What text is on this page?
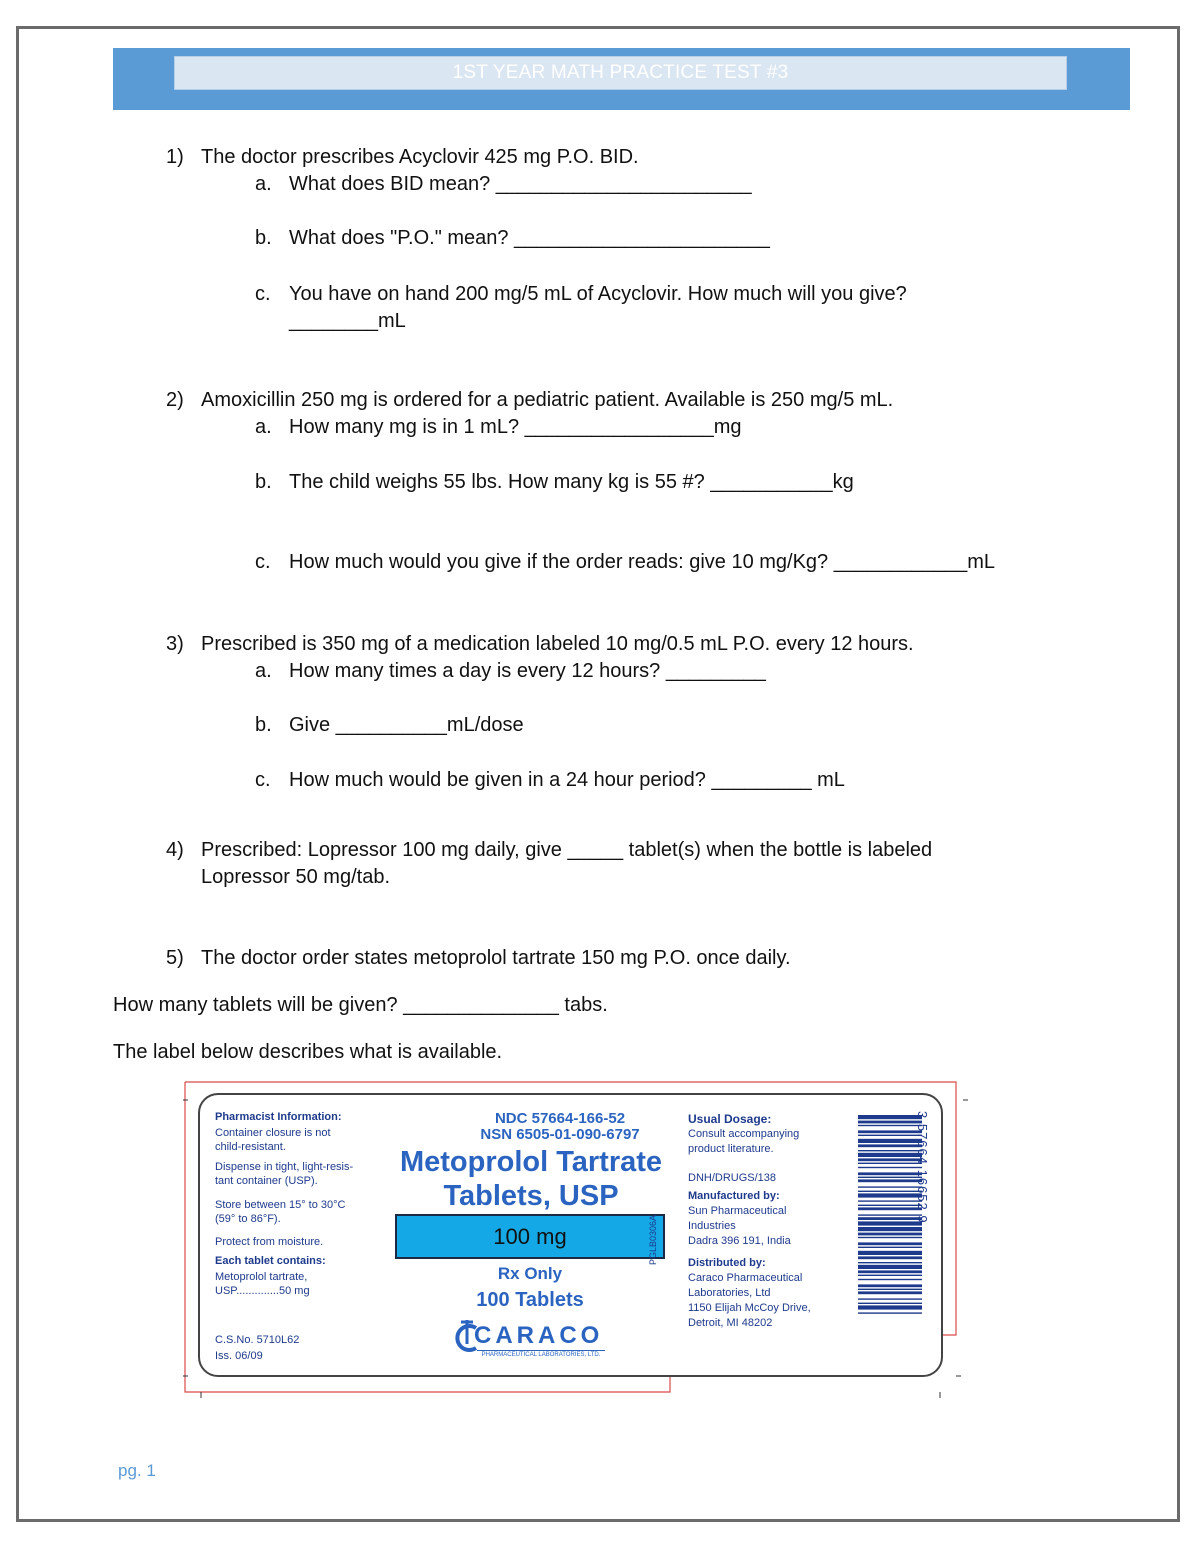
1ST YEAR MATH PRACTICE TEST #3
1) The doctor prescribes Acyclovir 425 mg P.O. BID.
a. What does BID mean? _______________________
b. What does "P.O." mean? _______________________
c. You have on hand 200 mg/5 mL of Acyclovir. How much will you give?
________mL
2) Amoxicillin 250 mg is ordered for a pediatric patient. Available is 250 mg/5 mL.
a. How many mg is in 1 mL? _________________mg
b. The child weighs 55 lbs. How many kg is 55 #? ___________kg
c. How much would you give if the order reads: give 10 mg/Kg? ____________mL
3) Prescribed is 350 mg of a medication labeled 10 mg/0.5 mL P.O. every 12 hours.
a. How many times a day is every 12 hours? _________
b. Give __________mL/dose
c. How much would be given in a 24 hour period? _________ mL
4) Prescribed: Lopressor 100 mg daily, give _____ tablet(s) when the bottle is labeled
Lopressor 50 mg/tab.
5) The doctor order states metoprolol tartrate 150 mg P.O. once daily.
How many tablets will be given? ______________ tabs.
The label below describes what is available.
Pharmacist Information:
Container closure is not
child-resistant.
Dispense in tight, light-resis-
tant container (USP).
Store between 15° to 30°C
(59° to 86°F).
Protect from moisture.
Each tablet contains:
Metoprolol tartrate,
USP..............50 mg
C.S.No. 5710L62
Iss. 06/09
NDC 57664-166-52
NSN 6505-01-090-6797
Metoprolol Tartrate
Tablets, USP
100 mg
Rx Only
100 Tablets
CARACO
PHARMACEUTICAL LABORATORIES, LTD.
PGLB0306A
Usual Dosage:
Consult accompanying
product literature.
DNH/DRUGS/138
Manufactured by:
Sun Pharmaceutical
Industries
Dadra 396 191, India
Distributed by:
Caraco Pharmaceutical
Laboratories, Ltd
1150 Elijah McCoy Drive,
Detroit, MI 48202
3 57664 16652 9
pg. 1
